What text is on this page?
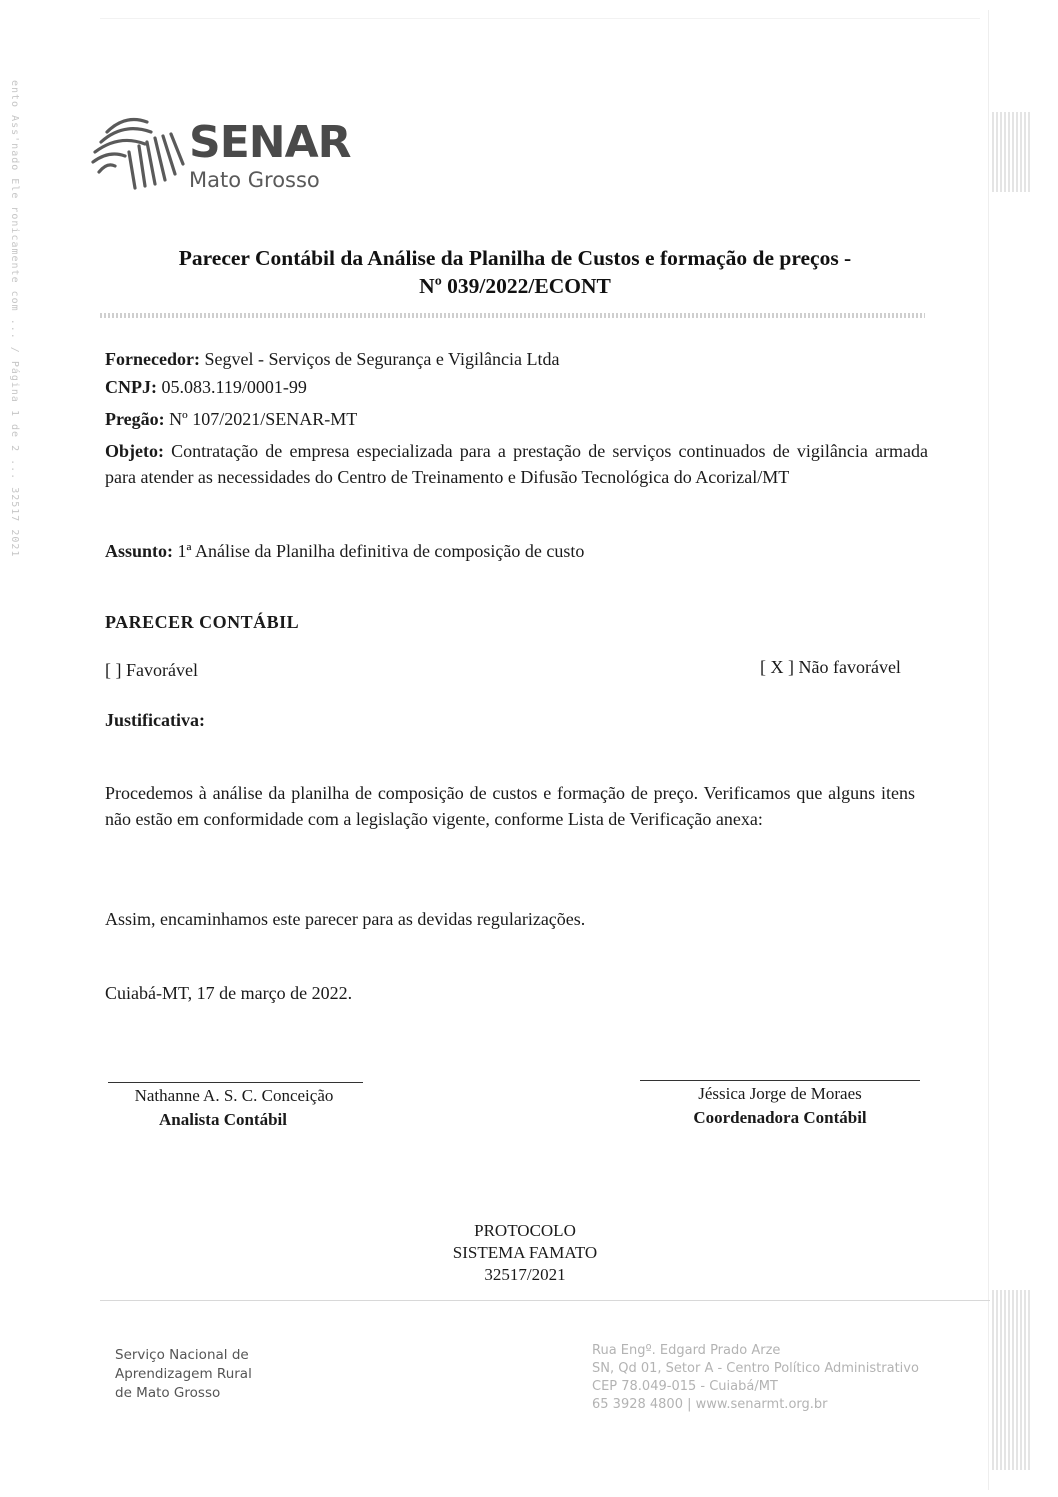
ento Ass'nado Ele ronicamente com ... / Página 1 de 2 ... 32517 2021	SENAR
Mato Grosso
Parecer Contábil da Análise da Planilha de Custos e formação de preços -
Nº 039/2022/ECONT
Fornecedor: Segvel - Serviços de Segurança e Vigilância Ltda
CNPJ: 05.083.119/0001-99
Pregão: Nº 107/2021/SENAR-MT
Objeto: Contratação de empresa especializada para a prestação de serviços continuados de vigilância armada para atender as necessidades do Centro de Treinamento e Difusão Tecnológica do Acorizal/MT
Assunto: 1ª Análise da Planilha definitiva de composição de custo
PARECER CONTÁBIL
[ ] Favorável	[ X ] Não favorável
Justificativa:
Procedemos à análise da planilha de composição de custos e formação de preço. Verificamos que alguns itens não estão em conformidade com a legislação vigente, conforme Lista de Verificação anexa:
Assim, encaminhamos este parecer para as devidas regularizações.
Cuiabá-MT, 17 de março de 2022.
Nathanne A. S. C. Conceição
Analista Contábil
Jéssica Jorge de Moraes
Coordenadora Contábil
PROTOCOLO
SISTEMA FAMATO
32517/2021
Serviço Nacional de
Aprendizagem Rural
de Mato Grosso
Rua Engº. Edgard Prado Arze
SN, Qd 01, Setor A - Centro Político Administrativo
CEP 78.049-015 - Cuiabá/MT
65 3928 4800 | www.senarmt.org.br
